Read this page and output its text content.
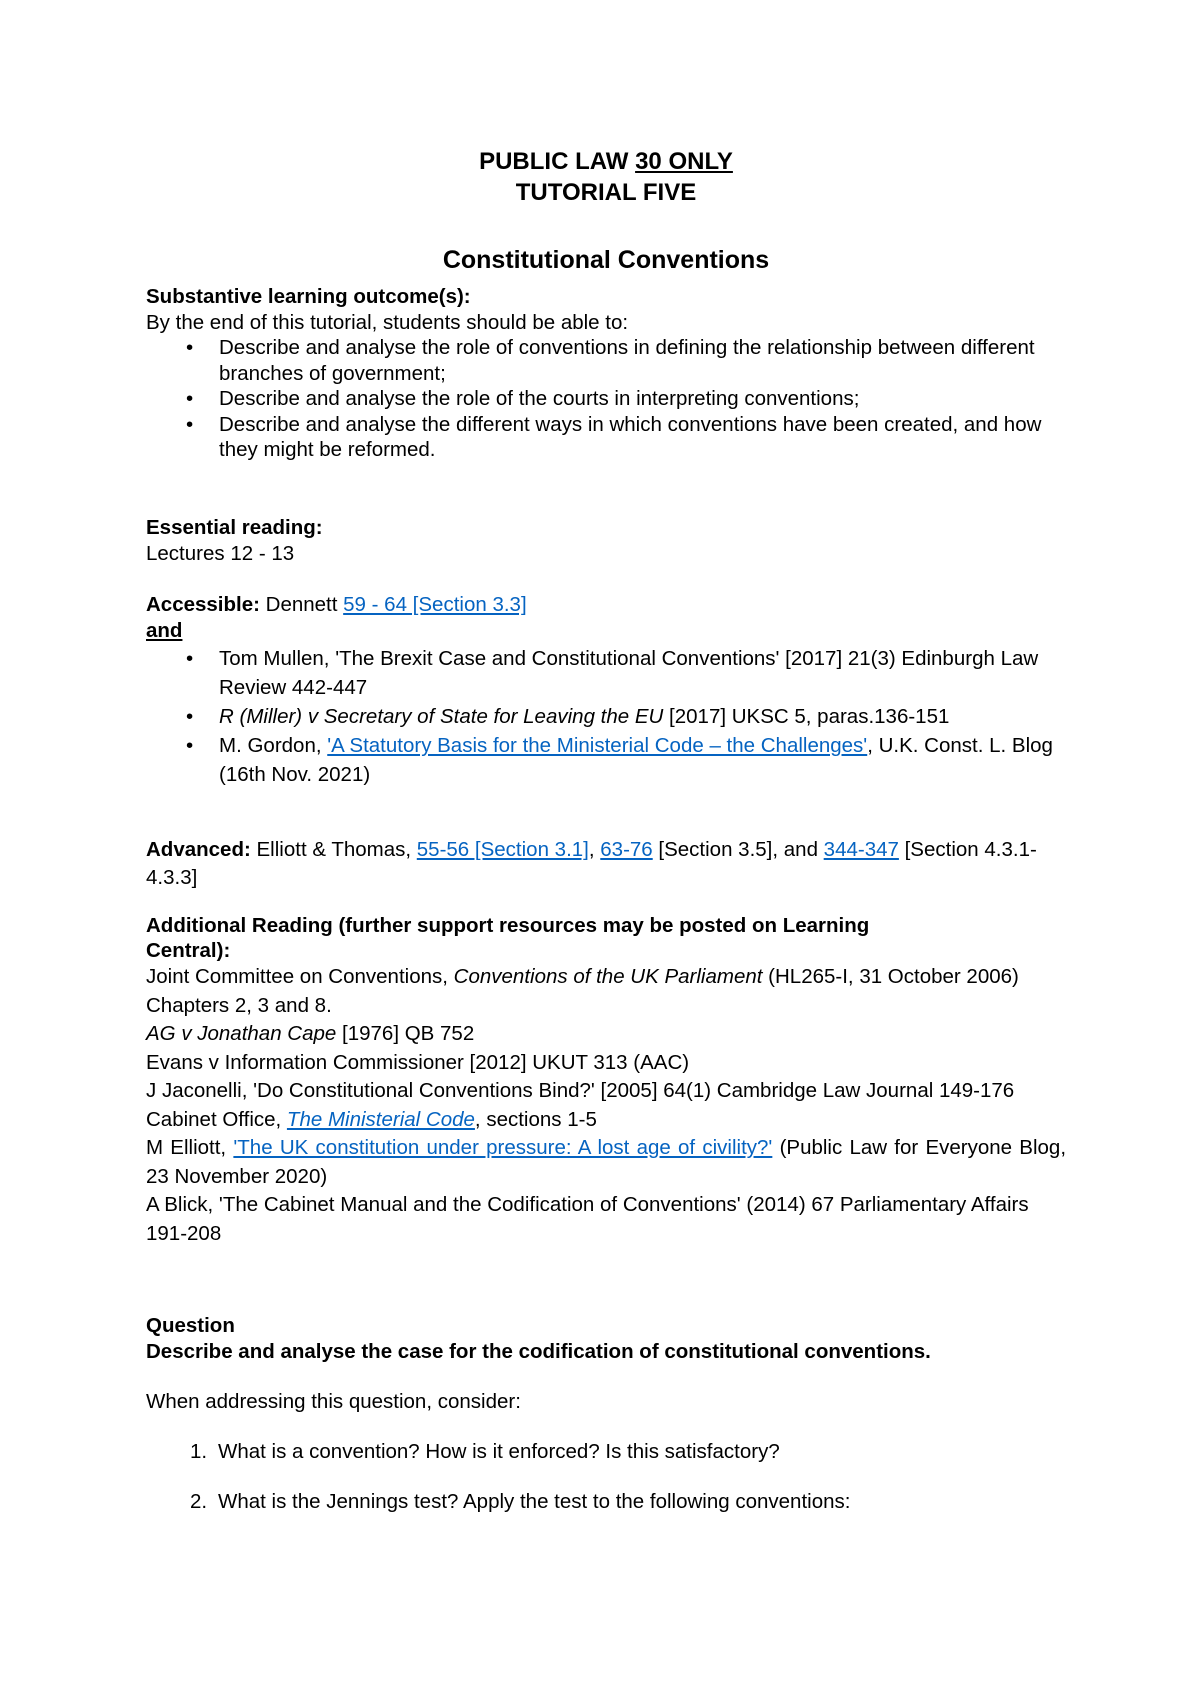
PUBLIC LAW 30 ONLY
TUTORIAL FIVE
Constitutional Conventions

Substantive learning outcome(s):

By the end of this tutorial, students should be able to:

• Describe and analyse the role of conventions in defining the relationship between different branches of government;
• Describe and analyse the role of the courts in interpreting conventions;
• Describe and analyse the different ways in which conventions have been created, and how they might be reformed.

Essential reading:

Lectures 12 - 13

Accessible: Dennett 59 - 64 [Section 3.3]

and

• Tom Mullen, 'The Brexit Case and Constitutional Conventions' [2017] 21(3) Edinburgh Law Review 442-447
• R (Miller) v Secretary of State for Leaving the EU [2017] UKSC 5, paras.136-151
• M. Gordon, 'A Statutory Basis for the Ministerial Code – the Challenges', U.K. Const. L. Blog (16th Nov. 2021)

Advanced: Elliott & Thomas, 55-56 [Section 3.1], 63-76 [Section 3.5], and 344-347 [Section 4.3.1-4.3.3]

Additional Reading (further support resources may be posted on Learning Central):

Joint Committee on Conventions, Conventions of the UK Parliament (HL265-I, 31 October 2006) Chapters 2, 3 and 8.

AG v Jonathan Cape [1976] QB 752

Evans v Information Commissioner [2012] UKUT 313 (AAC)

J Jaconelli, 'Do Constitutional Conventions Bind?' [2005] 64(1) Cambridge Law Journal 149-176

Cabinet Office, The Ministerial Code, sections 1-5

M Elliott, 'The UK constitution under pressure: A lost age of civility?' (Public Law for Everyone Blog, 23 November 2020)

A Blick, 'The Cabinet Manual and the Codification of Conventions' (2014) 67 Parliamentary Affairs 191-208

Question

Describe and analyse the case for the codification of constitutional conventions.

When addressing this question, consider:

1. What is a convention? How is it enforced? Is this satisfactory?
2. What is the Jennings test? Apply the test to the following conventions:
